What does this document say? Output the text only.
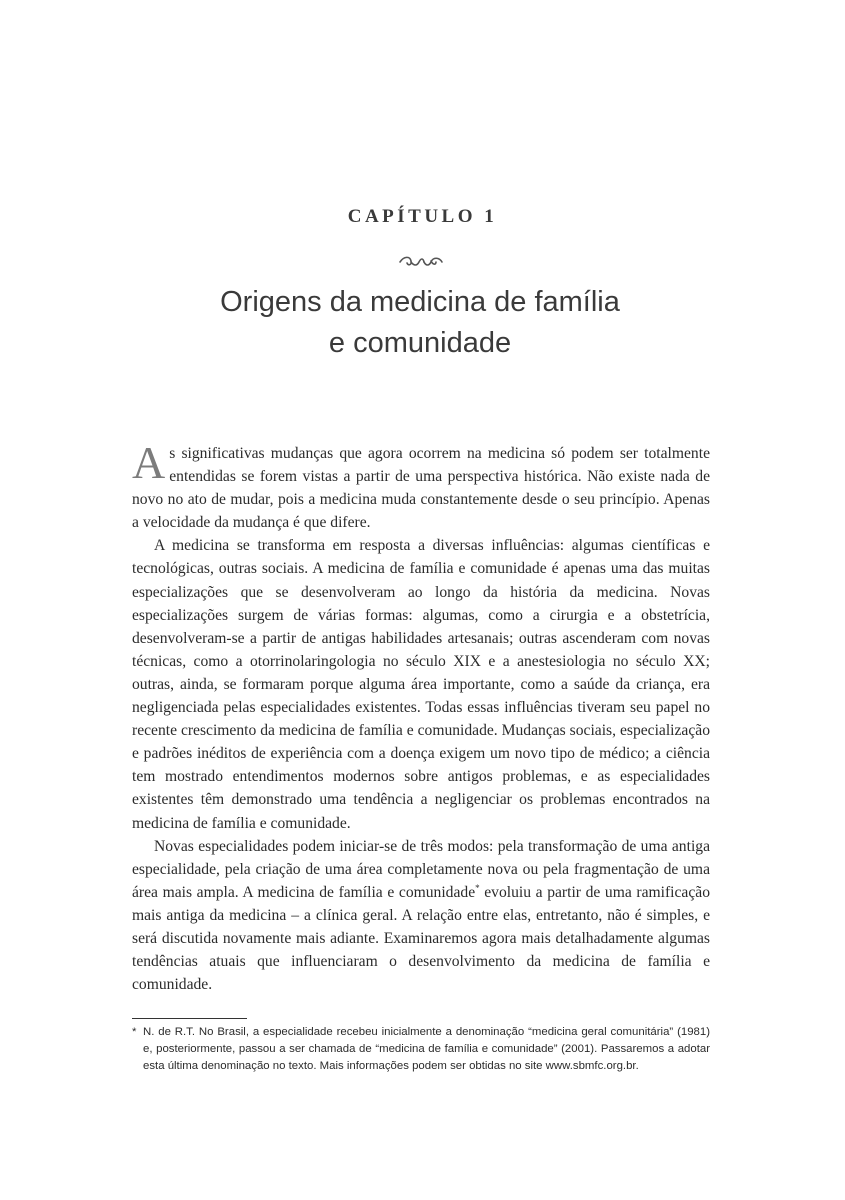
CAPÍTULO 1
Origens da medicina de família
e comunidade

As significativas mudanças que agora ocorrem na medicina só podem ser totalmente entendidas se forem vistas a partir de uma perspectiva histórica. Não existe nada de novo no ato de mudar, pois a medicina muda constantemente desde o seu princípio. Apenas a velocidade da mudança é que difere.

A medicina se transforma em resposta a diversas influências: algumas científicas e tecnológicas, outras sociais. A medicina de família e comunidade é apenas uma das muitas especializações que se desenvolveram ao longo da história da medicina. Novas especializações surgem de várias formas: algumas, como a cirurgia e a obstetrícia, desenvolveram-se a partir de antigas habilidades artesanais; outras ascenderam com novas técnicas, como a otorrinolaringologia no século XIX e a anestesiologia no século XX; outras, ainda, se formaram porque alguma área importante, como a saúde da criança, era negligenciada pelas especialidades existentes. Todas essas influências tiveram seu papel no recente crescimento da medicina de família e comunidade. Mudanças sociais, especialização e padrões inéditos de experiência com a doença exigem um novo tipo de médico; a ciência tem mostrado entendimentos modernos sobre antigos problemas, e as especialidades existentes têm demonstrado uma tendência a negligenciar os problemas encontrados na medicina de família e comunidade.

Novas especialidades podem iniciar-se de três modos: pela transformação de uma antiga especialidade, pela criação de uma área completamente nova ou pela fragmentação de uma área mais ampla. A medicina de família e comunidade* evoluiu a partir de uma ramificação mais antiga da medicina – a clínica geral. A relação entre elas, entretanto, não é simples, e será discutida novamente mais adiante. Examinaremos agora mais detalhadamente algumas tendências atuais que influenciaram o desenvolvimento da medicina de família e comunidade.

* N. de R.T. No Brasil, a especialidade recebeu inicialmente a denominação “medicina geral comunitária” (1981) e, posteriormente, passou a ser chamada de “medicina de família e comunidade” (2001). Passaremos a adotar esta última denominação no texto. Mais informações podem ser obtidas no site www.sbmfc.org.br.
